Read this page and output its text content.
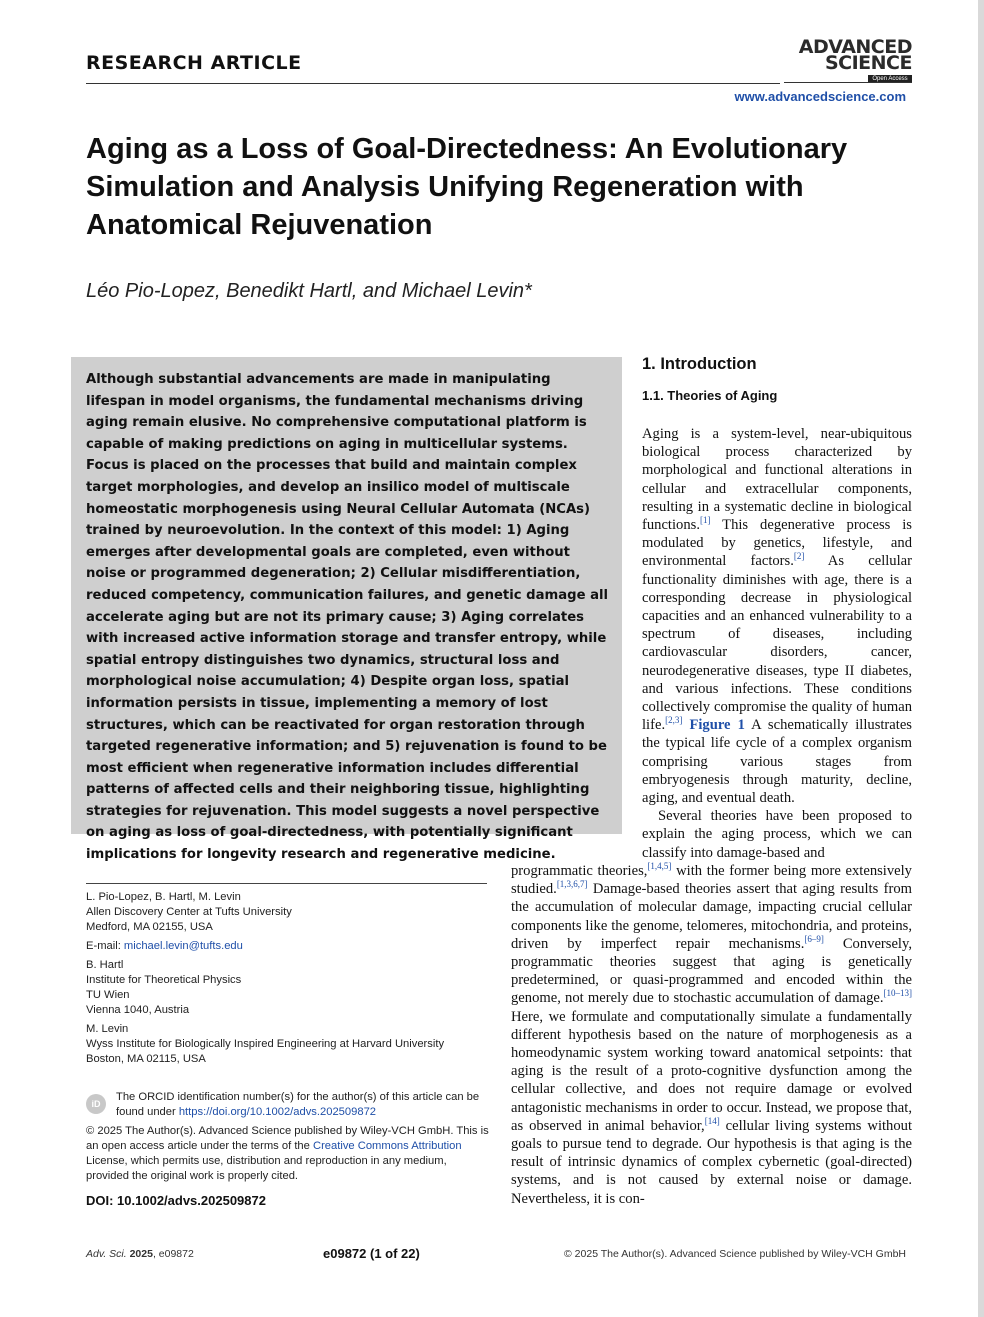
RESEARCH ARTICLE
ADVANCED
SCIENCE
Open Access
www.advancedscience.com
Aging as a Loss of Goal-Directedness: An Evolutionary Simulation and Analysis Unifying Regeneration with Anatomical Rejuvenation
Léo Pio-Lopez, Benedikt Hartl, and Michael Levin*

Although substantial advancements are made in manipulating lifespan in model organisms, the fundamental mechanisms driving aging remain elusive. No comprehensive computational platform is capable of making predictions on aging in multicellular systems. Focus is placed on the processes that build and maintain complex target morphologies, and develop an insilico model of multiscale homeostatic morphogenesis using Neural Cellular Automata (NCAs) trained by neuroevolution. In the context of this model: 1) Aging emerges after developmental goals are completed, even without noise or programmed degeneration; 2) Cellular misdifferentiation, reduced competency, communication failures, and genetic damage all accelerate aging but are not its primary cause; 3) Aging correlates with increased active information storage and transfer entropy, while spatial entropy distinguishes two dynamics, structural loss and morphological noise accumulation; 4) Despite organ loss, spatial information persists in tissue, implementing a memory of lost structures, which can be reactivated for organ restoration through targeted regenerative information; and 5) rejuvenation is found to be most efficient when regenerative information includes differential patterns of affected cells and their neighboring tissue, highlighting strategies for rejuvenation. This model suggests a novel perspective on aging as loss of goal-directedness, with potentially significant implications for longevity research and regenerative medicine.

1. Introduction
1.1. Theories of Aging

Aging is a system-level, near-ubiquitous biological process characterized by morphological and functional alterations in cellular and extracellular components, resulting in a systematic decline in biological functions.[1] This degenerative process is modulated by genetics, lifestyle, and environmental factors.[2] As cellular functionality diminishes with age, there is a corresponding decrease in physiological capacities and an enhanced vulnerability to a spectrum of diseases, including cardiovascular disorders, cancer, neurodegenerative diseases, type II diabetes, and various infections. These conditions collectively compromise the quality of human life.[2,3] Figure 1 A schematically illustrates the typical life cycle of a complex organism comprising various stages from embryogenesis through maturity, decline, aging, and eventual death.

Several theories have been proposed to explain the aging process, which we can classify into damage-based and

programmatic theories,[1,4,5] with the former being more extensively studied.[1,3,6,7] Damage-based theories assert that aging results from the accumulation of molecular damage, impacting crucial cellular components like the genome, telomeres, mitochondria, and proteins, driven by imperfect repair mechanisms.[6–9] Conversely, programmatic theories suggest that aging is genetically predetermined, or quasi-programmed and encoded within the genome, not merely due to stochastic accumulation of damage.[10–13] Here, we formulate and computationally simulate a fundamentally different hypothesis based on the nature of morphogenesis as a homeodynamic system working toward anatomical setpoints: that aging is the result of a proto-cognitive dysfunction among the cellular collective, and does not require damage or evolved antagonistic mechanisms in order to occur. Instead, we propose that, as observed in animal behavior,[14] cellular living systems without goals to pursue tend to degrade. Our hypothesis is that aging is the result of intrinsic dynamics of complex cybernetic (goal-directed) systems, and is not caused by external noise or damage. Nevertheless, it is con-

L. Pio-Lopez, B. Hartl, M. Levin
Allen Discovery Center at Tufts University
Medford, MA 02155, USA
E-mail: michael.levin@tufts.edu
B. Hartl
Institute for Theoretical Physics
TU Wien
Vienna 1040, Austria
M. Levin
Wyss Institute for Biologically Inspired Engineering at Harvard University
Boston, MA 02115, USA
iD
The ORCID identification number(s) for the author(s) of this article can be found under https://doi.org/10.1002/advs.202509872
© 2025 The Author(s). Advanced Science published by Wiley-VCH GmbH. This is an open access article under the terms of the Creative Commons Attribution License, which permits use, distribution and reproduction in any medium, provided the original work is properly cited.
DOI: 10.1002/advs.202509872
Adv. Sci. 2025, e09872	e09872 (1 of 22)	© 2025 The Author(s). Advanced Science published by Wiley-VCH GmbH
